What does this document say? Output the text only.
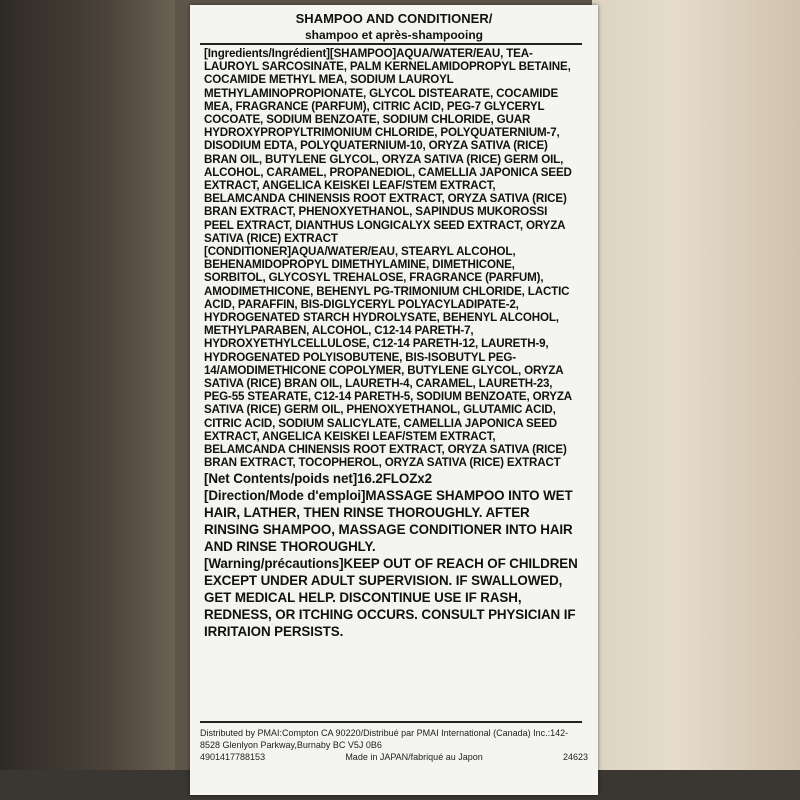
SHAMPOO AND CONDITIONER/
shampoo et après-shampooing

[Ingredients/Ingrédient][SHAMPOO]AQUA/WATER/EAU, TEA-LAUROYL SARCOSINATE, PALM KERNELAMIDOPROPYL BETAINE, COCAMIDE METHYL MEA, SODIUM LAUROYL METHYLAMINOPROPIONATE, GLYCOL DISTEARATE, COCAMIDE MEA, FRAGRANCE (PARFUM), CITRIC ACID, PEG-7 GLYCERYL COCOATE, SODIUM BENZOATE, SODIUM CHLORIDE, GUAR HYDROXYPROPYLTRIMONIUM CHLORIDE, POLYQUATERNIUM-7, DISODIUM EDTA, POLYQUATERNIUM-10, ORYZA SATIVA (RICE) BRAN OIL, BUTYLENE GLYCOL, ORYZA SATIVA (RICE) GERM OIL, ALCOHOL, CARAMEL, PROPANEDIOL, CAMELLIA JAPONICA SEED EXTRACT, ANGELICA KEISKEI LEAF/STEM EXTRACT, BELAMCANDA CHINENSIS ROOT EXTRACT, ORYZA SATIVA (RICE) BRAN EXTRACT, PHENOXYETHANOL, SAPINDUS MUKOROSSI PEEL EXTRACT, DIANTHUS LONGICALYX SEED EXTRACT, ORYZA SATIVA (RICE) EXTRACT

[CONDITIONER]AQUA/WATER/EAU, STEARYL ALCOHOL, BEHENAMIDOPROPYL DIMETHYLAMINE, DIMETHICONE, SORBITOL, GLYCOSYL TREHALOSE, FRAGRANCE (PARFUM), AMODIMETHICONE, BEHENYL PG-TRIMONIUM CHLORIDE, LACTIC ACID, PARAFFIN, BIS-DIGLYCERYL POLYACYLADIPATE-2, HYDROGENATED STARCH HYDROLYSATE, BEHENYL ALCOHOL, METHYLPARABEN, ALCOHOL, C12-14 PARETH-7, HYDROXYETHYLCELLULOSE, C12-14 PARETH-12, LAURETH-9, HYDROGENATED POLYISOBUTENE, BIS-ISOBUTYL PEG-14/AMODIMETHICONE COPOLYMER, BUTYLENE GLYCOL, ORYZA SATIVA (RICE) BRAN OIL, LAURETH-4, CARAMEL, LAURETH-23, PEG-55 STEARATE, C12-14 PARETH-5, SODIUM BENZOATE, ORYZA SATIVA (RICE) GERM OIL, PHENOXYETHANOL, GLUTAMIC ACID, CITRIC ACID, SODIUM SALICYLATE, CAMELLIA JAPONICA SEED EXTRACT, ANGELICA KEISKEI LEAF/STEM EXTRACT, BELAMCANDA CHINENSIS ROOT EXTRACT, ORYZA SATIVA (RICE) BRAN EXTRACT, TOCOPHEROL, ORYZA SATIVA (RICE) EXTRACT

[Net Contents/poids net]16.2FLOZx2

[Direction/Mode d'emploi]MASSAGE SHAMPOO INTO WET HAIR, LATHER, THEN RINSE THOROUGHLY. AFTER RINSING SHAMPOO, MASSAGE CONDITIONER INTO HAIR AND RINSE THOROUGHLY.

[Warning/précautions]KEEP OUT OF REACH OF CHILDREN EXCEPT UNDER ADULT SUPERVISION. IF SWALLOWED, GET MEDICAL HELP. DISCONTINUE USE IF RASH, REDNESS, OR ITCHING OCCURS. CONSULT PHYSICIAN IF IRRITAION PERSISTS.

Distributed by PMAI:Compton CA 90220/Distribué par PMAI International (Canada) Inc.:142-8528 Glenlyon Parkway,Burnaby BC V5J 0B6
4901417788153	Made in JAPAN/fabriqué au Japon	24623
